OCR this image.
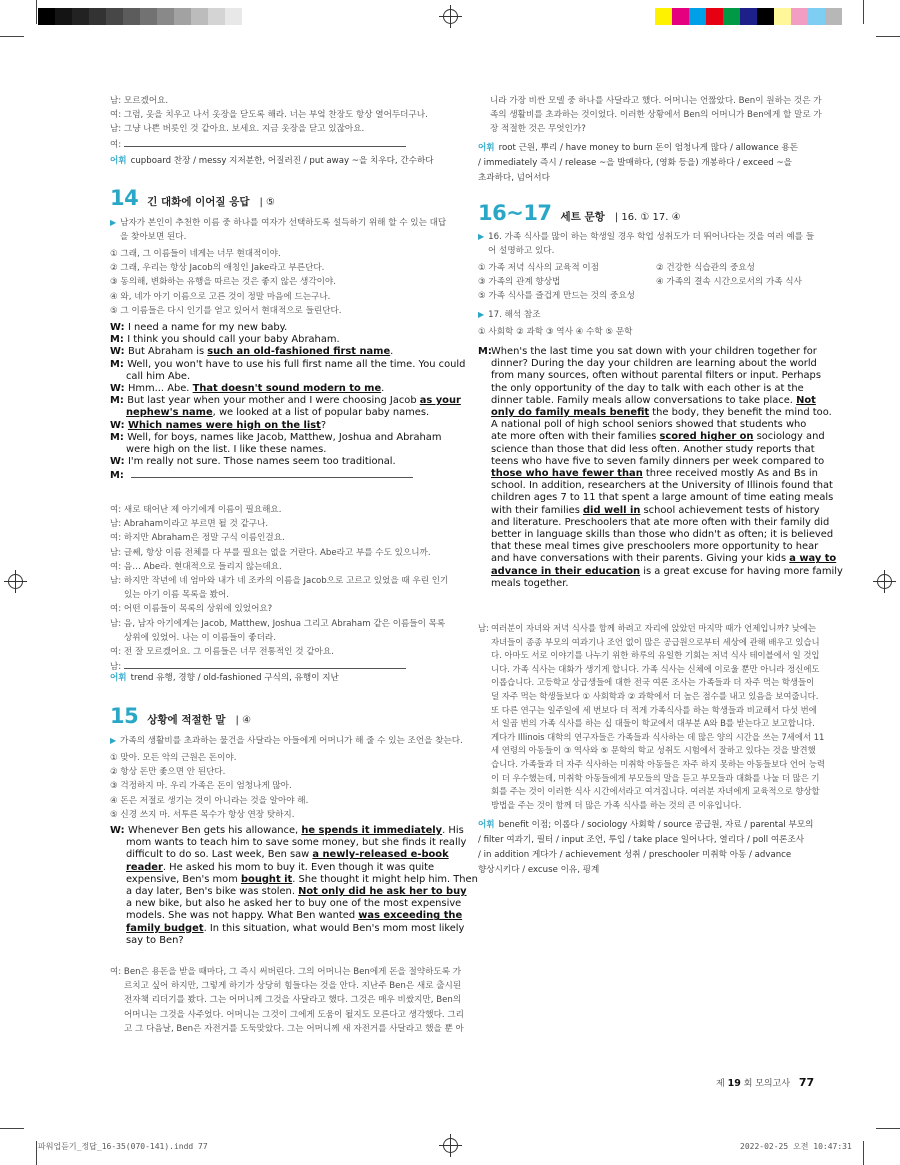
남: 모르겠어요.
여: 그럼, 옷을 치우고 나서 옷장을 닫도록 해라. 너는 부엌 찬장도 항상 열어두더구나.
남: 그냥 나쁜 버릇인 것 같아요. 보세요. 지금 옷장을 닫고 있잖아요.
여:
어휘 cupboard 찬장 / messy 지저분한, 어질러진 / put away ~을 치우다, 간수하다
14 긴 대화에 이어질 응답 | ⑤
▶ 남자가 본인이 추천한 이름 중 하나를 여자가 선택하도록 설득하기 위해 할 수 있는 대답
을 찾아보면 된다.
① 그래, 그 이름들이 네게는 너무 현대적이야.
② 그래, 우리는 항상 Jacob의 애칭인 Jake라고 부른단다.
③ 동의해, 변화하는 유행을 따르는 것은 좋지 않은 생각이야.
④ 와, 네가 아기 이름으로 고른 것이 정말 마음에 드는구나.
⑤ 그 이름들은 다시 인기를 얻고 있어서 현대적으로 들린단다.
W: I need a name for my new baby.
M: I think you should call your baby Abraham.
W: But Abraham is such an old-fashioned first name.
M: Well, you won't have to use his full first name all the time. You could
call him Abe.
W: Hmm... Abe. That doesn't sound modern to me.
M: But last year when your mother and I were choosing Jacob as your
nephew's name, we looked at a list of popular baby names.
W: Which names were high on the list?
M: Well, for boys, names like Jacob, Matthew, Joshua and Abraham
were high on the list. I like these names.
W: I'm really not sure. Those names seem too traditional.
M:
여: 새로 태어난 제 아기에게 이름이 필요해요.
남: Abraham이라고 부르면 될 것 같구나.
여: 하지만 Abraham은 정말 구식 이름인걸요.
남: 글쎄, 항상 이름 전체를 다 부를 필요는 없을 거란다. Abe라고 부를 수도 있으니까.
여: 음… Abe라. 현대적으로 들리지 않는데요.
남: 하지만 작년에 네 엄마와 내가 네 조카의 이름을 Jacob으로 고르고 있었을 때 우린 인기
있는 아기 이름 목록을 봤어.
여: 어떤 이름들이 목록의 상위에 있었어요?
남: 음, 남자 아기에게는 Jacob, Matthew, Joshua 그리고 Abraham 같은 이름들이 목록
상위에 있었어. 나는 이 이름들이 좋더라.
여: 전 잘 모르겠어요. 그 이름들은 너무 전통적인 것 같아요.
남:
어휘 trend 유행, 경향 / old-fashioned 구식의, 유행이 지난
15 상황에 적절한 말 | ④
▶ 가족의 생활비를 초과하는 물건을 사달라는 아들에게 어머니가 해 줄 수 있는 조언을 찾는다.
① 맞아. 모든 악의 근원은 돈이야.
② 항상 돈만 좇으면 안 된단다.
③ 걱정하지 마. 우리 가족은 돈이 엄청나게 많아.
④ 돈은 저절로 생기는 것이 아니라는 것을 알아야 해.
⑤ 신경 쓰지 마. 서투른 목수가 항상 연장 탓하지.
W: Whenever Ben gets his allowance, he spends it immediately. His
mom wants to teach him to save some money, but she finds it really
difficult to do so. Last week, Ben saw a newly-released e-book
reader. He asked his mom to buy it. Even though it was quite
expensive, Ben's mom bought it. She thought it might help him. Then
a day later, Ben's bike was stolen. Not only did he ask her to buy
a new bike, but also he asked her to buy one of the most expensive
models. She was not happy. What Ben wanted was exceeding the
family budget. In this situation, what would Ben's mom most likely
say to Ben?
여: Ben은 용돈을 받을 때마다, 그 즉시 써버린다. 그의 어머니는 Ben에게 돈을 절약하도록 가
르치고 싶어 하지만, 그렇게 하기가 상당히 힘들다는 것을 안다. 지난주 Ben은 새로 출시된
전자책 리더기를 봤다. 그는 어머니께 그것을 사달라고 했다. 그것은 매우 비쌌지만, Ben의
어머니는 그것을 사주었다. 어머니는 그것이 그에게 도움이 될지도 모른다고 생각했다. 그리
고 그 다음날, Ben은 자전거를 도둑맞았다. 그는 어머니께 새 자전거를 사달라고 했을 뿐 아
니라 가장 비싼 모델 중 하나를 사달라고 했다. 어머니는 언짢았다. Ben이 원하는 것은 가
족의 생활비를 초과하는 것이었다. 이러한 상황에서 Ben의 어머니가 Ben에게 할 말로 가
장 적절한 것은 무엇인가?
어휘 root 근원, 뿌리 / have money to burn 돈이 엄청나게 많다 / allowance 용돈
/ immediately 즉시 / release ~을 발매하다, (영화 등을) 개봉하다 / exceed ~을
초과하다, 넘어서다
16~17 세트 문항 | 16. ① 17. ④
▶ 16. 가족 식사를 많이 하는 학생일 경우 학업 성취도가 더 뛰어나다는 것을 여러 예를 들
어 설명하고 있다.
① 가족 저녁 식사의 교육적 이점	② 건강한 식습관의 중요성
③ 가족의 관계 향상법	④ 가족의 결속 시간으로서의 가족 식사
⑤ 가족 식사를 즐겁게 만드는 것의 중요성
▶ 17. 해석 참조
① 사회학 ② 과학 ③ 역사 ④ 수학 ⑤ 문학
M: When's the last time you sat down with your children together for
dinner? During the day your children are learning about the world
from many sources, often without parental filters or input. Perhaps
the only opportunity of the day to talk with each other is at the
dinner table. Family meals allow conversations to take place. Not
only do family meals benefit the body, they benefit the mind too.
A national poll of high school seniors showed that students who
ate more often with their families scored higher on sociology and
science than those that did less often. Another study reports that
teens who have five to seven family dinners per week compared to
those who have fewer than three received mostly As and Bs in
school. In addition, researchers at the University of Illinois found that
children ages 7 to 11 that spent a large amount of time eating meals
with their families did well in school achievement tests of history
and literature. Preschoolers that ate more often with their family did
better in language skills than those who didn't as often; it is believed
that these meal times give preschoolers more opportunity to hear
and have conversations with their parents. Giving your kids a way to
advance in their education is a great excuse for having more family
meals together.
남: 여러분이 자녀와 저녁 식사를 함께 하려고 자리에 앉았던 마지막 때가 언제입니까? 낮에는
자녀들이 종종 부모의 여과기나 조언 없이 많은 공급원으로부터 세상에 관해 배우고 있습니
다. 아마도 서로 이야기를 나누기 위한 하루의 유일한 기회는 저녁 식사 테이블에서 일 것입
니다. 가족 식사는 대화가 생기게 합니다. 가족 식사는 신체에 이로울 뿐만 아니라 정신에도
이롭습니다. 고등학교 상급생들에 대한 전국 여론 조사는 가족들과 더 자주 먹는 학생들이
덜 자주 먹는 학생들보다 ① 사회학과 ② 과학에서 더 높은 점수를 내고 있음을 보여줍니다.
또 다른 연구는 일주일에 세 번보다 더 적게 가족식사를 하는 학생들과 비교해서 다섯 번에
서 일곱 번의 가족 식사를 하는 십 대들이 학교에서 대부분 A와 B를 받는다고 보고합니다.
게다가 Illinois 대학의 연구자들은 가족들과 식사하는 데 많은 양의 시간을 쓰는 7세에서 11
세 연령의 아동들이 ③ 역사와 ⑤ 문학의 학교 성취도 시험에서 잘하고 있다는 것을 발견했
습니다. 가족들과 더 자주 식사하는 미취학 아동들은 자주 하지 못하는 아동들보다 언어 능력
이 더 우수했는데, 미취학 아동들에게 부모들의 말을 듣고 부모들과 대화를 나눌 더 많은 기
회를 주는 것이 이러한 식사 시간에서라고 여겨집니다. 여러분 자녀에게 교육적으로 향상할
방법을 주는 것이 함께 더 많은 가족 식사를 하는 것의 큰 이유입니다.
어휘 benefit 이점; 이롭다 / sociology 사회학 / source 공급원, 자료 / parental 부모의
/ filter 여과기, 필터 / input 조언, 투입 / take place 일어나다, 열리다 / poll 여론조사
/ in addition 게다가 / achievement 성취 / preschooler 미취학 아동 / advance
향상시키다 / excuse 이유, 핑계
제 19 회 모의고사 77
파워업듣기_정답_16-35(070-141).indd 77	2022-02-25 오전 10:47:31
